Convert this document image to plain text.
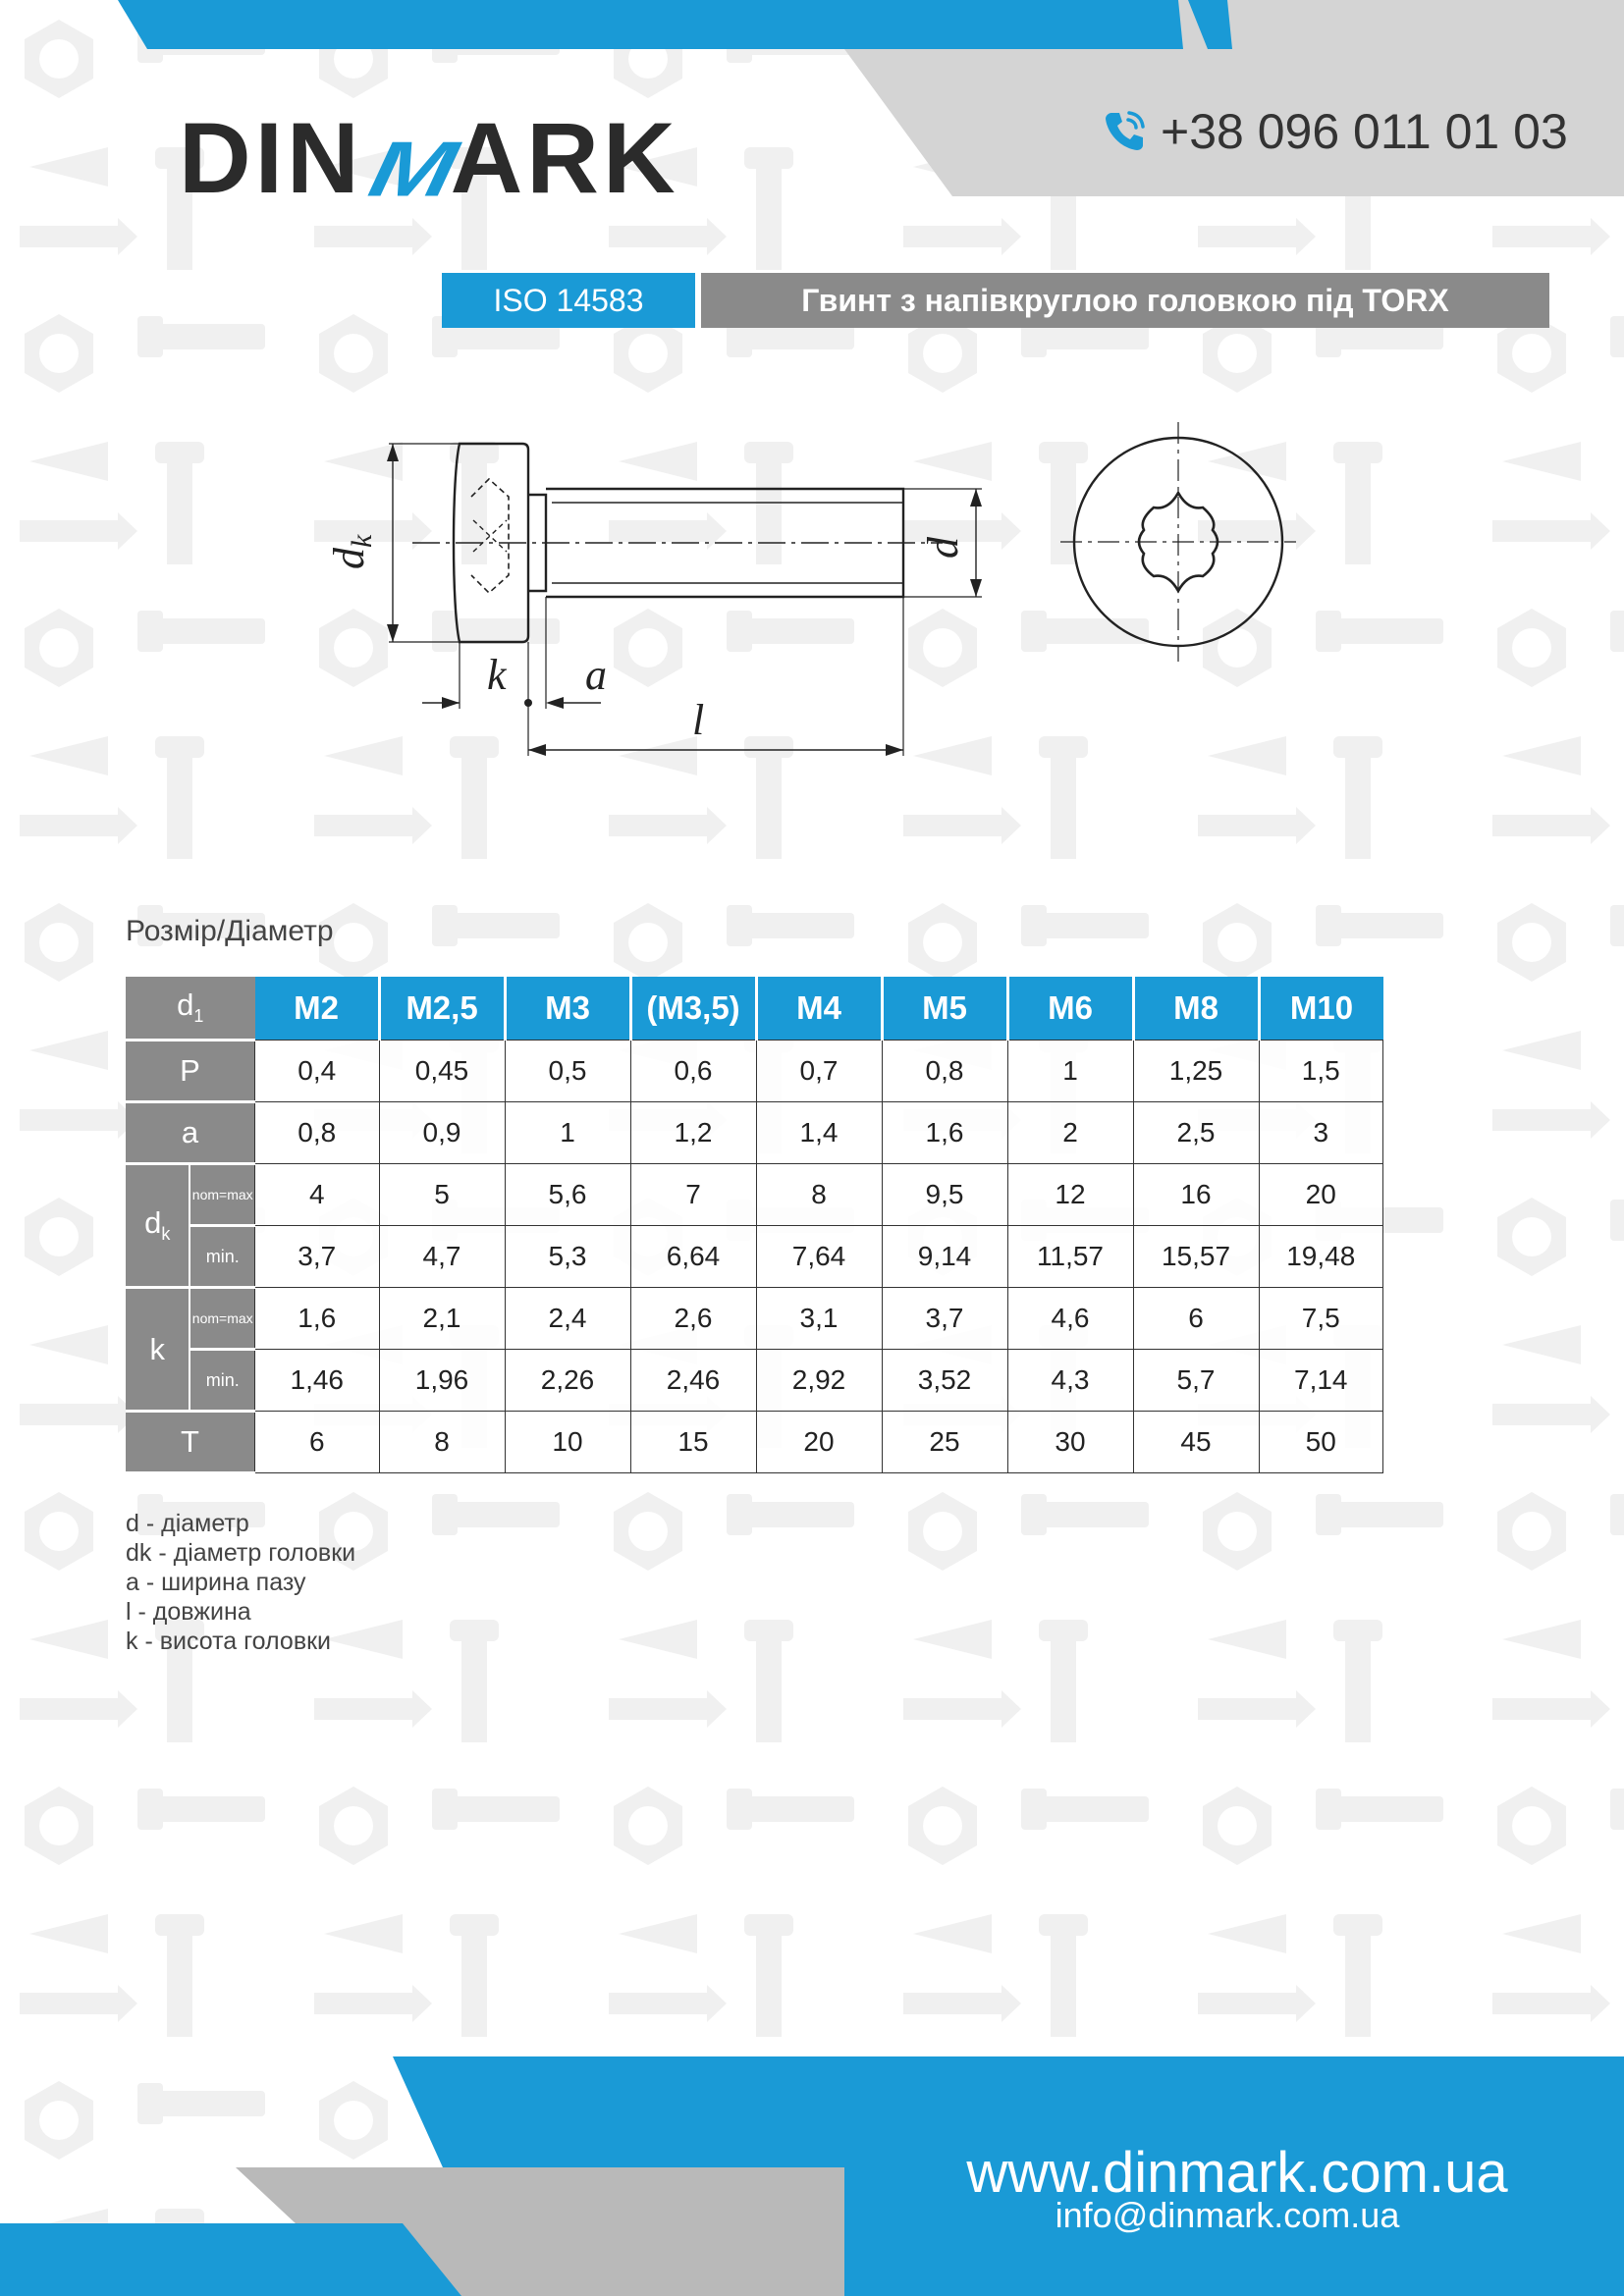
DINMARK	+38 096 011 01 03
ISO 14583	Гвинт з напівкруглою головкою під TORX
dk	d
k a
l
Розмір/Діаметр
$d_1$		M2	M2,5	M3	(M3,5)	M4	M5	M6	M8	M10
P		0,4	0,45	0,5	0,6	0,7	0,8	1	1,25	1,5
a		0,8	0,9	1	1,2	1,4	1,6	2	2,5	3
$d_k$	nom=max	4	5	5,6	7	8	9,5	12	16	20
	min.	3,7	4,7	5,3	6,64	7,64	9,14	11,57	15,57	19,48
k	nom=max	1,6	2,1	2,4	2,6	3,1	3,7	4,6	6	7,5
	min.	1,46	1,96	2,26	2,46	2,92	3,52	4,3	5,7	7,14
T		6	8	10	15	20	25	30	45	50
d - діаметр
dk - діаметр головки
a - ширина пазу
l - довжина
k - висота головки
www.dinmark.com.ua
info@dinmark.com.ua
